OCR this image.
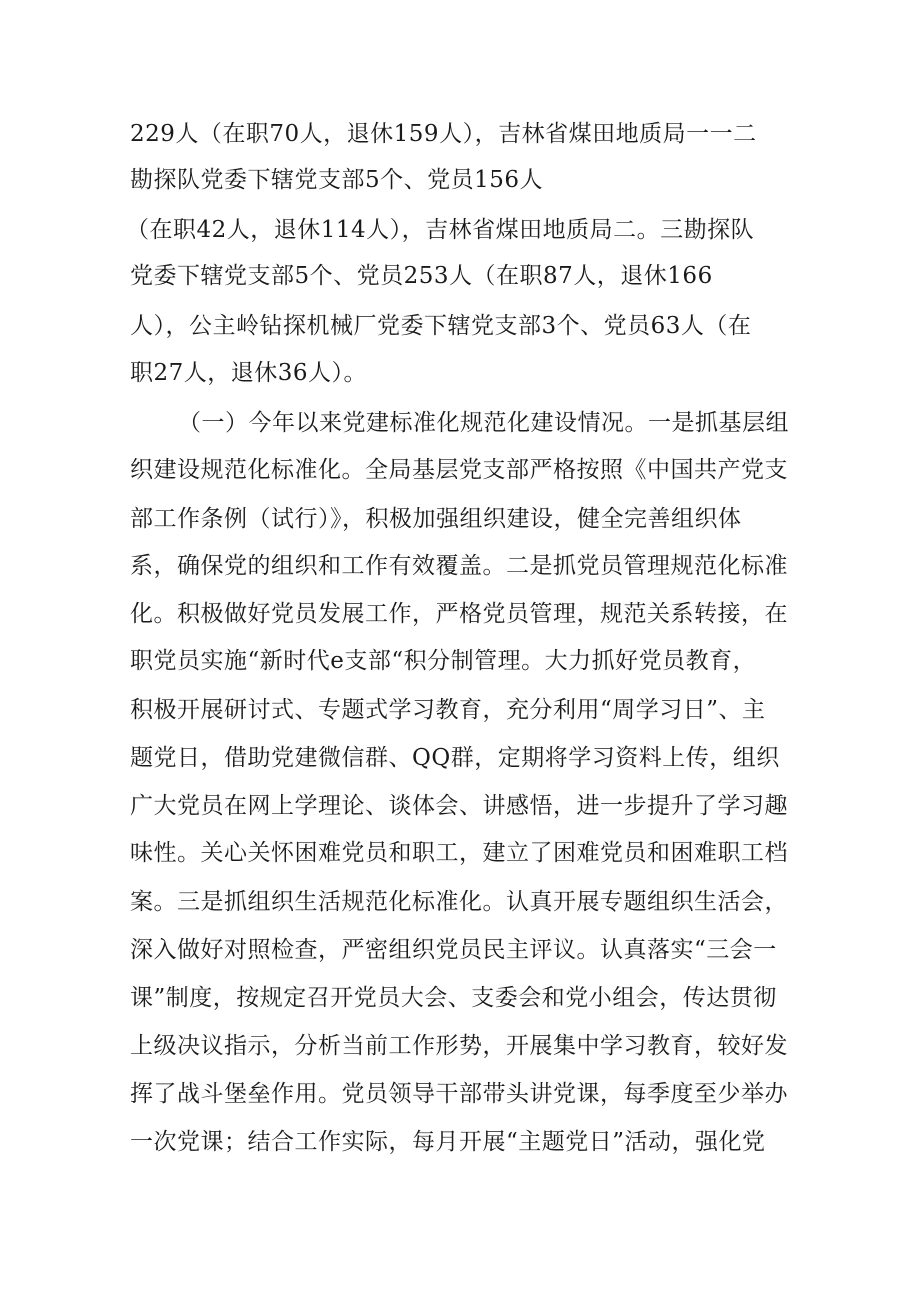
229人（在职70人，退休159人），吉林省煤田地质局一一二
勘探队党委下辖党支部5个、党员156人
（在职42人，退休114人），吉林省煤田地质局二。三勘探队
党委下辖党支部5个、党员253人（在职87人，退休166
人），公主岭钻探机械厂党委下辖党支部3个、党员63人（在
职27人，退休36人）。
（一）今年以来党建标准化规范化建设情况。一是抓基层组
织建设规范化标准化。全局基层党支部严格按照《中国共产党支
部工作条例（试行）》，积极加强组织建设，健全完善组织体
系，确保党的组织和工作有效覆盖。二是抓党员管理规范化标准
化。积极做好党员发展工作，严格党员管理，规范关系转接，在
职党员实施“新时代e支部“积分制管理。大力抓好党员教育，
积极开展研讨式、专题式学习教育，充分利用“周学习日”、主
题党日，借助党建微信群、QQ群，定期将学习资料上传，组织
广大党员在网上学理论、谈体会、讲感悟，进一步提升了学习趣
味性。关心关怀困难党员和职工，建立了困难党员和困难职工档
案。三是抓组织生活规范化标准化。认真开展专题组织生活会，
深入做好对照检查，严密组织党员民主评议。认真落实“三会一
课”制度，按规定召开党员大会、支委会和党小组会，传达贯彻
上级决议指示，分析当前工作形势，开展集中学习教育，较好发
挥了战斗堡垒作用。党员领导干部带头讲党课，每季度至少举办
一次党课；结合工作实际，每月开展“主题党日”活动，强化党
